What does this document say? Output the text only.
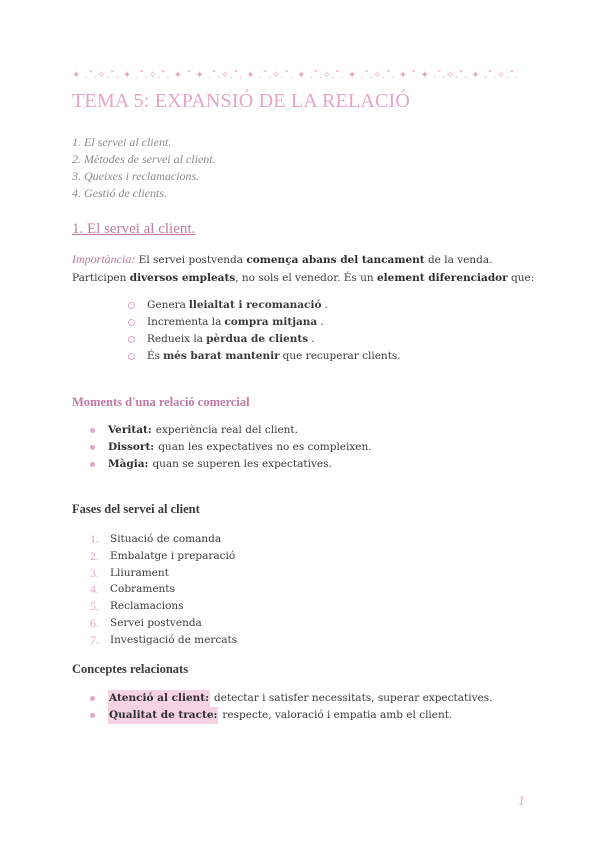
✦ .˚.✧.˚. ✦ .˚.✧.˚. ✦ ˚ ✦ .˚.✧.˚. ✦ .˚.✧.˚. ✦ .˚.✧.˚. ✦ .˚.✧.˚. ✦ ˚ ✦ .˚.✧.˚. ✦ .˚.✧.˚.
TEMA 5: EXPANSIÓ DE LA RELACIÓ
1. El servei al client.
2. Mètodes de servei al client.
3. Queixes i reclamacions.
4. Gestió de clients.
1. El servei al client.
Importància: El servei postvenda comença abans del tancament de la venda. Participen diversos empleats, no sols el venedor. És un element diferenciador que:
Genera lleialtat i recomanació .
Incrementa la compra mitjana .
Redueix la pèrdua de clients .
És més barat mantenir que recuperar clients.
Moments d'una relació comercial
Veritat: experiència real del client.
Dissort: quan les expectatives no es compleixen.
Màgia: quan se superen les expectatives.
Fases del servei al client
1.	Situació de comanda
2.	Embalatge i preparació
3.	Lliurament
4.	Cobraments
5.	Reclamacions
6.	Servei postvenda
7.	Investigació de mercats
Conceptes relacionats
Atenció al client: detectar i satisfer necessitats, superar expectatives.
Qualitat de tracte: respecte, valoració i empatia amb el client.
1
